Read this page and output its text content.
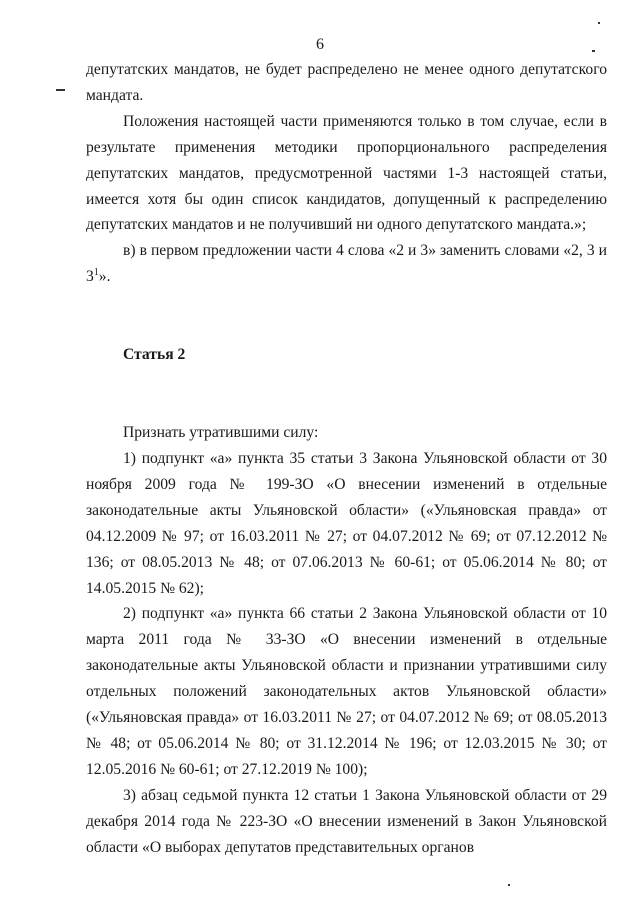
6

депутатских мандатов, не будет распределено не менее одного депутатского мандата.

Положения настоящей части применяются только в том случае, если в результате применения методики пропорционального распределения депутатских мандатов, предусмотренной частями 1-3 настоящей статьи, имеется хотя бы один список кандидатов, допущенный к распределению депутатских мандатов и не получивший ни одного депутатского мандата.»;

в) в первом предложении части 4 слова «2 и 3» заменить словами «2, 3 и $3^1$».

Статья 2

Признать утратившими силу:

1) подпункт «а» пункта 35 статьи 3 Закона Ульяновской области от 30 ноября 2009 года № 199-ЗО «О внесении изменений в отдельные законодательные акты Ульяновской области» («Ульяновская правда» от 04.12.2009 № 97; от 16.03.2011 № 27; от 04.07.2012 № 69; от 07.12.2012 № 136; от 08.05.2013 № 48; от 07.06.2013 № 60-61; от 05.06.2014 № 80; от 14.05.2015 № 62);

2) подпункт «а» пункта 66 статьи 2 Закона Ульяновской области от 10 марта 2011 года № 33-ЗО «О внесении изменений в отдельные законодательные акты Ульяновской области и признании утратившими силу отдельных положений законодательных актов Ульяновской области» («Ульяновская правда» от 16.03.2011 № 27; от 04.07.2012 № 69; от 08.05.2013 № 48; от 05.06.2014 № 80; от 31.12.2014 № 196; от 12.03.2015 № 30; от 12.05.2016 № 60-61; от 27.12.2019 № 100);

3) абзац седьмой пункта 12 статьи 1 Закона Ульяновской области от 29 декабря 2014 года № 223-ЗО «О внесении изменений в Закон Ульяновской области «О выборах депутатов представительных органов
